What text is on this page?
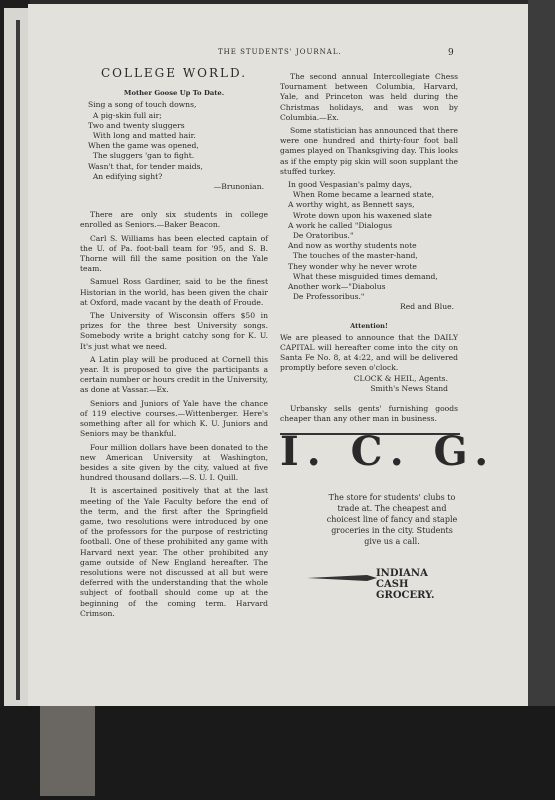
THE STUDENTS' JOURNAL.	9
COLLEGE WORLD.
Mother Goose Up To Date.
Sing a song of touch downs,
A pig-skin full air;
Two and twenty sluggers
With long and matted hair.
When the game was opened,
The sluggers 'gan to fight.
Wasn't that, for tender maids,
An edifying sight?
—Brunonian.

There are only six students in college enrolled as Seniors.—Baker Beacon.

Carl S. Williams has been elected captain of the U. of Pa. foot-ball team for '95, and S. B. Thorne will fill the same position on the Yale team.

Samuel Ross Gardiner, said to be the finest Historian in the world, has been given the chair at Oxford, made vacant by the death of Froude.

The University of Wisconsin offers $50 in prizes for the three best University songs. Somebody write a bright catchy song for K. U. It's just what we need.

A Latin play will be produced at Cornell this year. It is proposed to give the participants a certain number or hours credit in the University, as done at Vassar.—Ex.

Seniors and Juniors of Yale have the chance of 119 elective courses.—Wittenberger. Here's something after all for which K. U. Juniors and Seniors may be thankful.

Four million dollars have been donated to the new American University at Washington, besides a site given by the city, valued at five hundred thousand dollars.—S. U. I. Quill.

It is ascertained positively that at the last meeting of the Yale Faculty before the end of the term, and the first after the Springfield game, two resolutions were introduced by one of the professors for the purpose of restricting football. One of these prohibited any game with Harvard next year. The other prohibited any game outside of New England hereafter. The resolutions were not discussed at all but were deferred with the understanding that the whole subject of football should come up at the beginning of the coming term. Harvard Crimson.

The second annual Intercollegiate Chess Tournament between Columbia, Harvard, Yale, and Princeton was held during the Christmas holidays, and was won by Columbia.—Ex.

Some statistician has announced that there were one hundred and thirty-four foot ball games played on Thanksgiving day. This looks as if the empty pig skin will soon supplant the stuffed turkey.

In good Vespasian's palmy days,
When Rome became a learned state,
A worthy wight, as Bennett says,
Wrote down upon his waxened slate
A work he called "Dialogus
De Oratoribus."
And now as worthy students note
The touches of the master-hand,
They wonder why he never wrote
What these misguided times demand,
Another work—"Diabolus
De Professoribus."
Red and Blue.
Attention!
We are pleased to announce that the DAILY CAPITAL will hereafter come into the city on Santa Fe No. 8, at 4:22, and will be delivered promptly before seven o'clock.
CLOCK & HEIL, Agents.
Smith's News Stand

Urbansky sells gents' furnishing goods cheaper than any other man in business.

I. C. G.
The store for students' clubs to trade at. The cheapest and choicest line of fancy and staple groceries in the city. Students give us a call.
INDIANA
CASH
GROCERY.
